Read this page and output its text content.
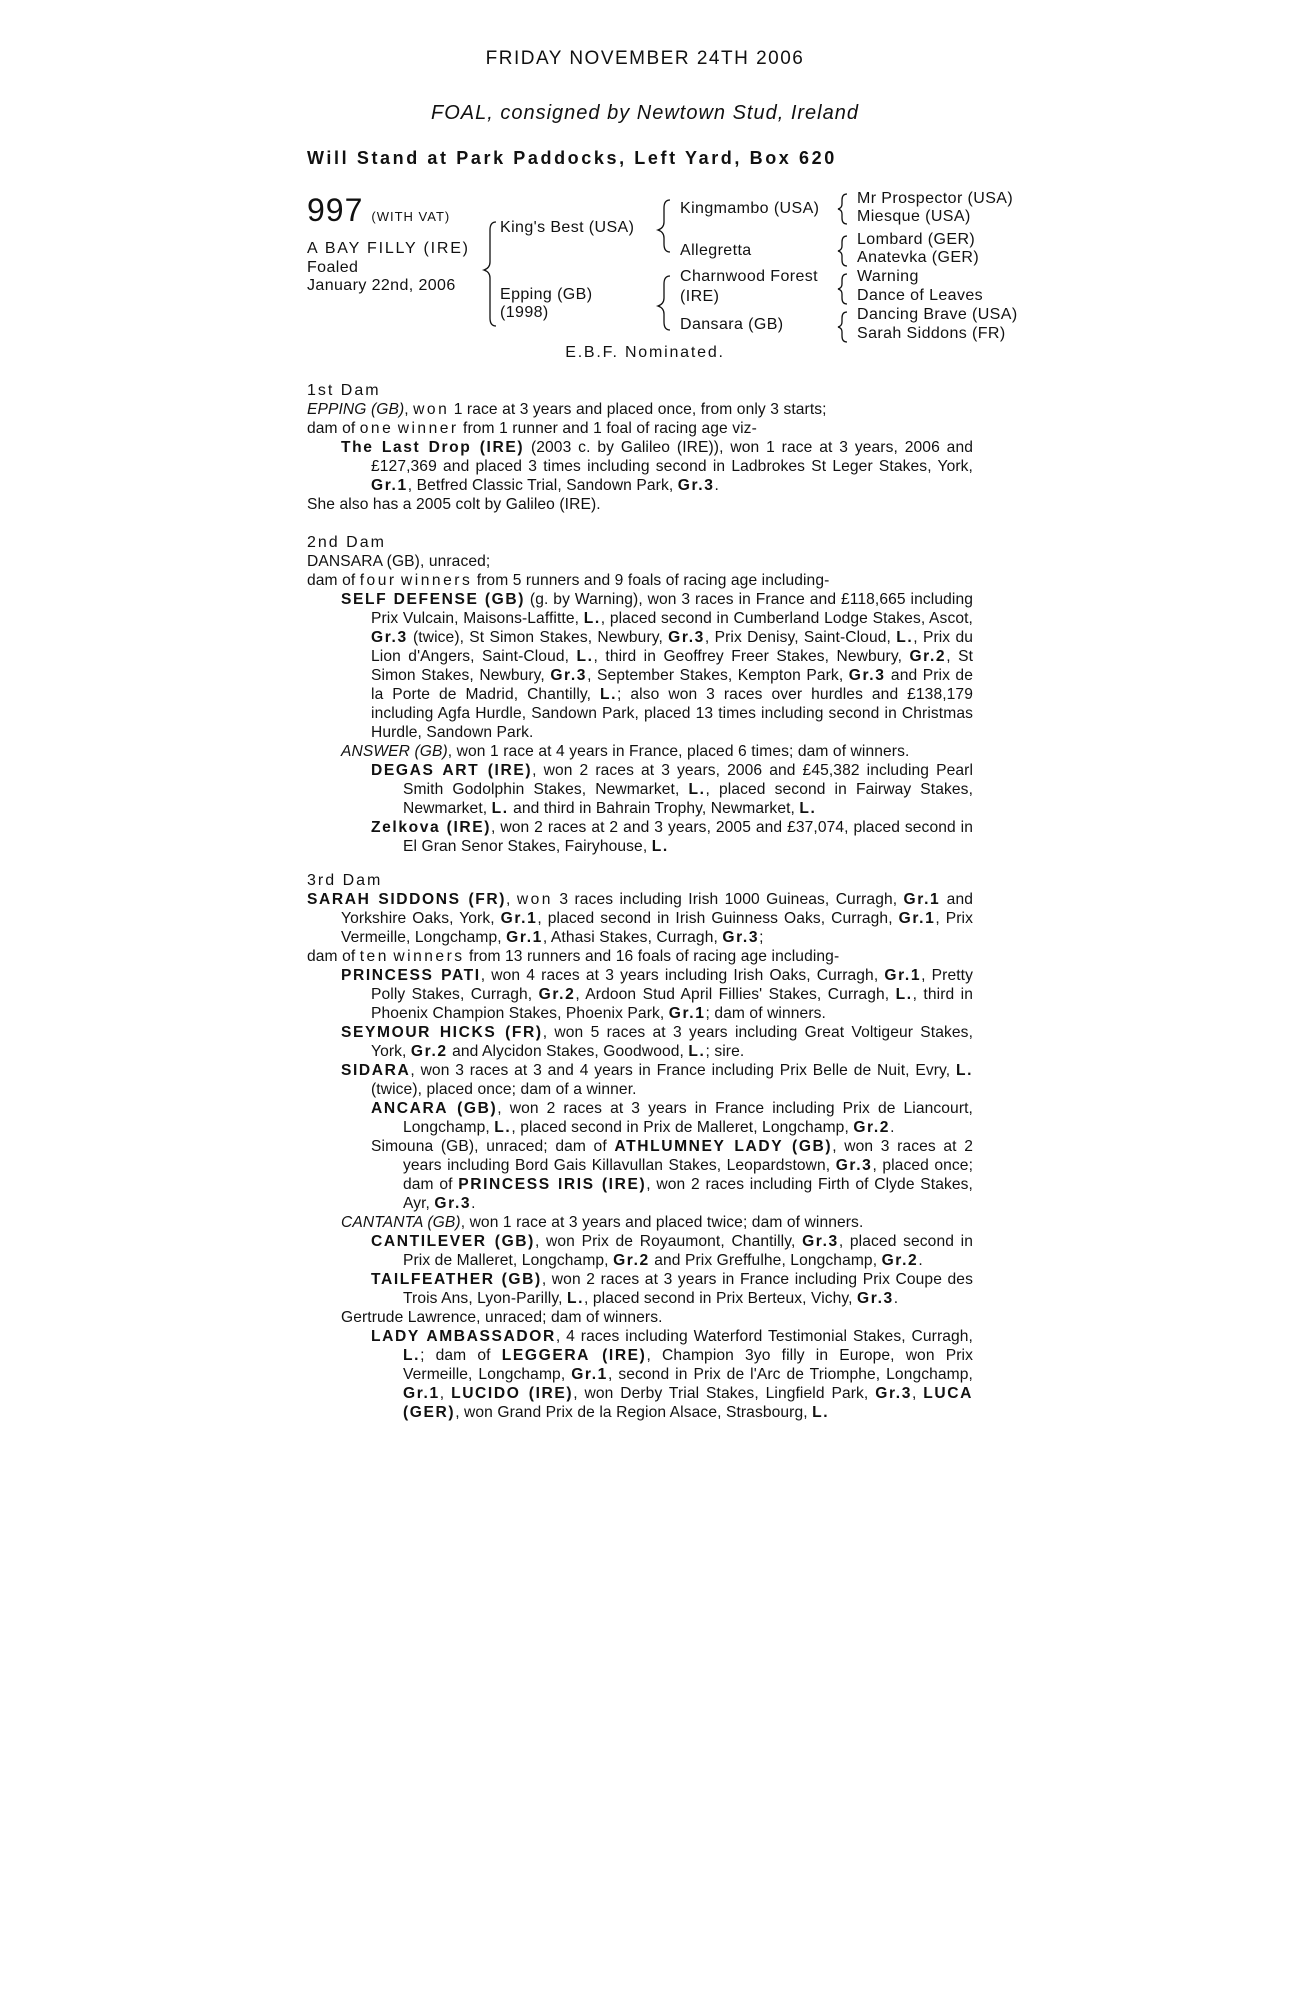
FRIDAY NOVEMBER 24TH 2006
FOAL, consigned by Newtown Stud, Ireland
Will Stand at Park Paddocks, Left Yard, Box 620
997 (WITH VAT)
A BAY FILLY (IRE)
Foaled
January 22nd, 2006
King's Best (USA)
Epping (GB)
(1998)
Kingmambo (USA)
Allegretta
Charnwood Forest
(IRE)
Dansara (GB)
Mr Prospector (USA)
Miesque (USA)
Lombard (GER)
Anatevka (GER)
Warning
Dance of Leaves
Dancing Brave (USA)
Sarah Siddons (FR)
E.B.F. Nominated.

1st Dam

EPPING (GB), won 1 race at 3 years and placed once, from only 3 starts;

dam of one winner from 1 runner and 1 foal of racing age viz-

The Last Drop (IRE) (2003 c. by Galileo (IRE)), won 1 race at 3 years, 2006 and £127,369 and placed 3 times including second in Ladbrokes St Leger Stakes, York, Gr.1, Betfred Classic Trial, Sandown Park, Gr.3.

She also has a 2005 colt by Galileo (IRE).

2nd Dam

DANSARA (GB), unraced;

dam of four winners from 5 runners and 9 foals of racing age including-

SELF DEFENSE (GB) (g. by Warning), won 3 races in France and £118,665 including Prix Vulcain, Maisons-Laffitte, L., placed second in Cumberland Lodge Stakes, Ascot, Gr.3 (twice), St Simon Stakes, Newbury, Gr.3, Prix Denisy, Saint-Cloud, L., Prix du Lion d'Angers, Saint-Cloud, L., third in Geoffrey Freer Stakes, Newbury, Gr.2, St Simon Stakes, Newbury, Gr.3, September Stakes, Kempton Park, Gr.3 and Prix de la Porte de Madrid, Chantilly, L.; also won 3 races over hurdles and £138,179 including Agfa Hurdle, Sandown Park, placed 13 times including second in Christmas Hurdle, Sandown Park.

ANSWER (GB), won 1 race at 4 years in France, placed 6 times; dam of winners.

DEGAS ART (IRE), won 2 races at 3 years, 2006 and £45,382 including Pearl Smith Godolphin Stakes, Newmarket, L., placed second in Fairway Stakes, Newmarket, L. and third in Bahrain Trophy, Newmarket, L.

Zelkova (IRE), won 2 races at 2 and 3 years, 2005 and £37,074, placed second in El Gran Senor Stakes, Fairyhouse, L.

3rd Dam

SARAH SIDDONS (FR), won 3 races including Irish 1000 Guineas, Curragh, Gr.1 and Yorkshire Oaks, York, Gr.1, placed second in Irish Guinness Oaks, Curragh, Gr.1, Prix Vermeille, Longchamp, Gr.1, Athasi Stakes, Curragh, Gr.3;

dam of ten winners from 13 runners and 16 foals of racing age including-

PRINCESS PATI, won 4 races at 3 years including Irish Oaks, Curragh, Gr.1, Pretty Polly Stakes, Curragh, Gr.2, Ardoon Stud April Fillies' Stakes, Curragh, L., third in Phoenix Champion Stakes, Phoenix Park, Gr.1; dam of winners.

SEYMOUR HICKS (FR), won 5 races at 3 years including Great Voltigeur Stakes, York, Gr.2 and Alycidon Stakes, Goodwood, L.; sire.

SIDARA, won 3 races at 3 and 4 years in France including Prix Belle de Nuit, Evry, L. (twice), placed once; dam of a winner.

ANCARA (GB), won 2 races at 3 years in France including Prix de Liancourt, Longchamp, L., placed second in Prix de Malleret, Longchamp, Gr.2.

Simouna (GB), unraced; dam of ATHLUMNEY LADY (GB), won 3 races at 2 years including Bord Gais Killavullan Stakes, Leopardstown, Gr.3, placed once; dam of PRINCESS IRIS (IRE), won 2 races including Firth of Clyde Stakes, Ayr, Gr.3.

CANTANTA (GB), won 1 race at 3 years and placed twice; dam of winners.

CANTILEVER (GB), won Prix de Royaumont, Chantilly, Gr.3, placed second in Prix de Malleret, Longchamp, Gr.2 and Prix Greffulhe, Longchamp, Gr.2.

TAILFEATHER (GB), won 2 races at 3 years in France including Prix Coupe des Trois Ans, Lyon-Parilly, L., placed second in Prix Berteux, Vichy, Gr.3.

Gertrude Lawrence, unraced; dam of winners.

LADY AMBASSADOR, 4 races including Waterford Testimonial Stakes, Curragh, L.; dam of LEGGERA (IRE), Champion 3yo filly in Europe, won Prix Vermeille, Longchamp, Gr.1, second in Prix de l'Arc de Triomphe, Longchamp, Gr.1, LUCIDO (IRE), won Derby Trial Stakes, Lingfield Park, Gr.3, LUCA (GER), won Grand Prix de la Region Alsace, Strasbourg, L.
